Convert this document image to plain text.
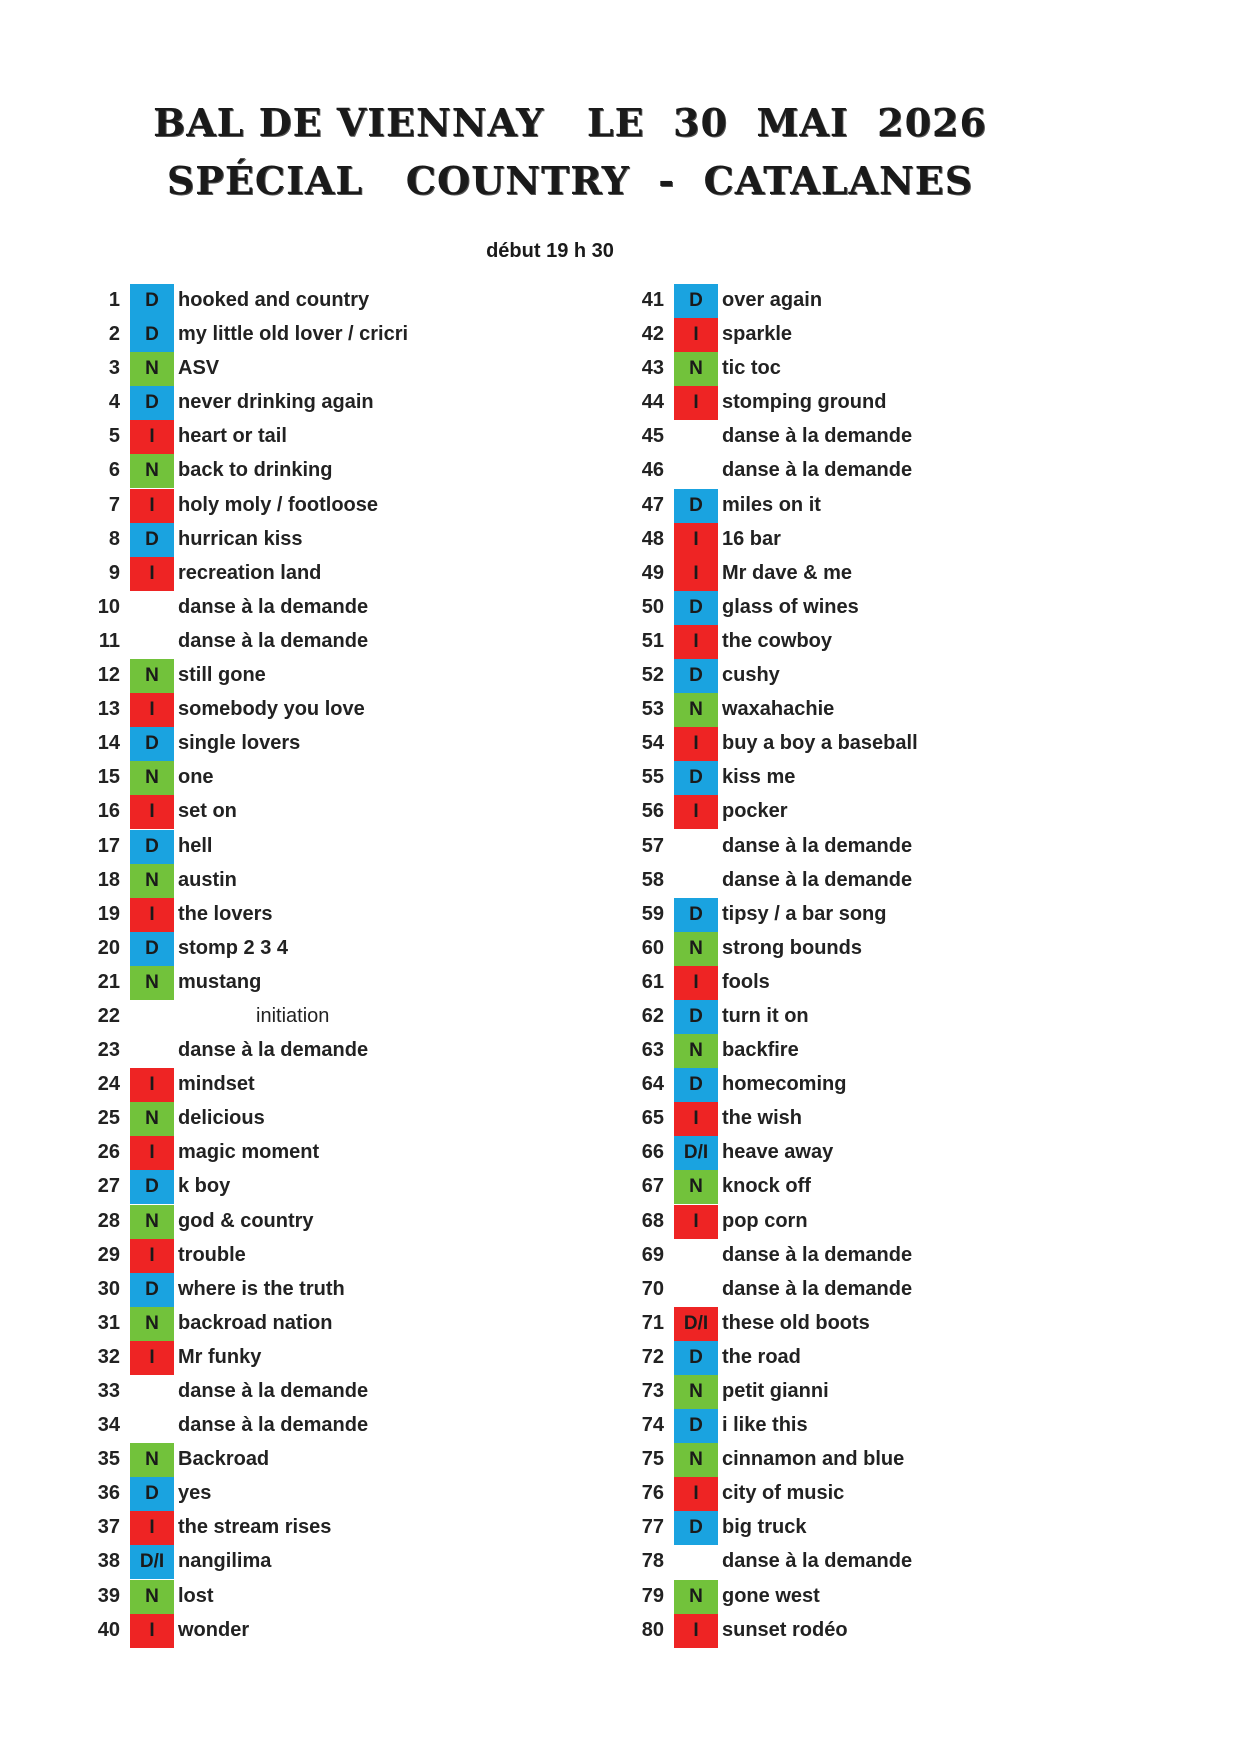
BAL DE VIENNAY   LE  30  MAI  2026
SPÉCIAL   COUNTRY  -  CATALANES
début 19 h 30
1	D hooked and country
2	D my little old lover / cricri
3	N ASV
4	D never drinking again
5	I	heart or tail
6	N back to drinking
7	I	holy moly / footloose
8	D hurrican kiss
9	I	recreation land
10	danse à la demande
11	danse à la demande
12	N still gone
13	I	somebody you love
14	D single lovers
15	N one
16	I	set on
17	D hell
18	N austin
19	I	the lovers
20	D stomp 2 3 4
21	N mustang
22	initiation
23	danse à la demande
24	I	mindset
25	N delicious
26	I	magic moment
27	D k boy
28	N god & country
29	I	trouble
30	D where is the truth
31	N backroad nation
32	I	Mr funky
33	danse à la demande
34	danse à la demande
35	N Backroad
36	D yes
37	I	the stream rises
38	D/I nangilima
39	N lost
40	I	wonder
41	D over again
42	I	sparkle
43	N tic toc
44	I	stomping ground
45	danse à la demande
46	danse à la demande
47	D miles on it
48	I	16 bar
49	I	Mr dave & me
50	D glass of wines
51	I	the cowboy
52	D cushy
53	N waxahachie
54	I	buy a boy a baseball
55	D kiss me
56	I	pocker
57	danse à la demande
58	danse à la demande
59	D tipsy / a bar song
60	N strong bounds
61	I	fools
62	D turn it on
63	N backfire
64	D homecoming
65	I	the wish
66	D/I heave away
67	N knock off
68	I	pop corn
69	danse à la demande
70	danse à la demande
71	D/I these old boots
72	D the road
73	N petit gianni
74	D i like this
75	N cinnamon and blue
76	I	city of music
77	D big truck
78	danse à la demande
79	N gone west
80	I	sunset rodéo
